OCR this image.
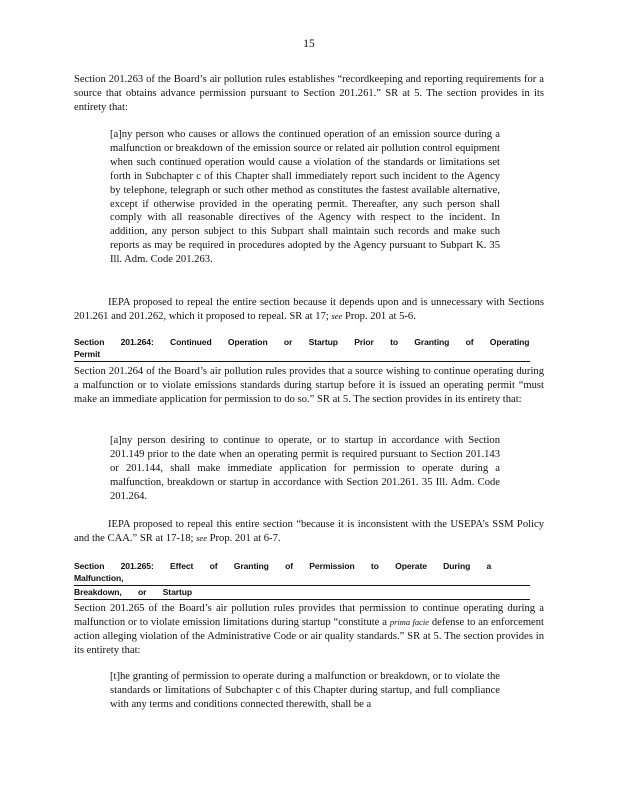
15

Section 201.263 of the Board’s air pollution rules establishes “recordkeeping and reporting requirements for a source that obtains advance permission pursuant to Section 201.261.” SR at 5. The section provides in its entirety that:

[a]ny person who causes or allows the continued operation of an emission source during a malfunction or breakdown of the emission source or related air pollution control equipment when such continued operation would cause a violation of the standards or limitations set forth in Subchapter c of this Chapter shall immediately report such incident to the Agency by telephone, telegraph or such other method as constitutes the fastest available alternative, except if otherwise provided in the operating permit. Thereafter, any such person shall comply with all reasonable directives of the Agency with respect to the incident. In addition, any person subject to this Subpart shall maintain such records and make such reports as may be required in procedures adopted by the Agency pursuant to Subpart K. 35 Ill. Adm. Code 201.263.

IEPA proposed to repeal the entire section because it depends upon and is unnecessary with Sections 201.261 and 201.262, which it proposed to repeal. SR at 17; see Prop. 201 at 5-6.

Section 201.264: Continued Operation or Startup Prior to Granting of Operating Permit

Section 201.264 of the Board’s air pollution rules provides that a source wishing to continue operating during a malfunction or to violate emissions standards during startup before it is issued an operating permit “must make an immediate application for permission to do so.” SR at 5. The section provides in its entirety that:

[a]ny person desiring to continue to operate, or to startup in accordance with Section 201.149 prior to the date when an operating permit is required pursuant to Section 201.143 or 201.144, shall make immediate application for permission to operate during a malfunction, breakdown or startup in accordance with Section 201.261. 35 Ill. Adm. Code 201.264.

IEPA proposed to repeal this entire section “because it is inconsistent with the USEPA’s SSM Policy and the CAA.” SR at 17-18; see Prop. 201 at 6-7.

Section 201.265: Effect of Granting of Permission to Operate During a Malfunction,
Breakdown, or Startup

Section 201.265 of the Board’s air pollution rules provides that permission to continue operating during a malfunction or to violate emission limitations during startup “constitute a prima facie defense to an enforcement action alleging violation of the Administrative Code or air quality standards.” SR at 5. The section provides in its entirety that:

[t]he granting of permission to operate during a malfunction or breakdown, or to violate the standards or limitations of Subchapter c of this Chapter during startup, and full compliance with any terms and conditions connected therewith, shall be a
